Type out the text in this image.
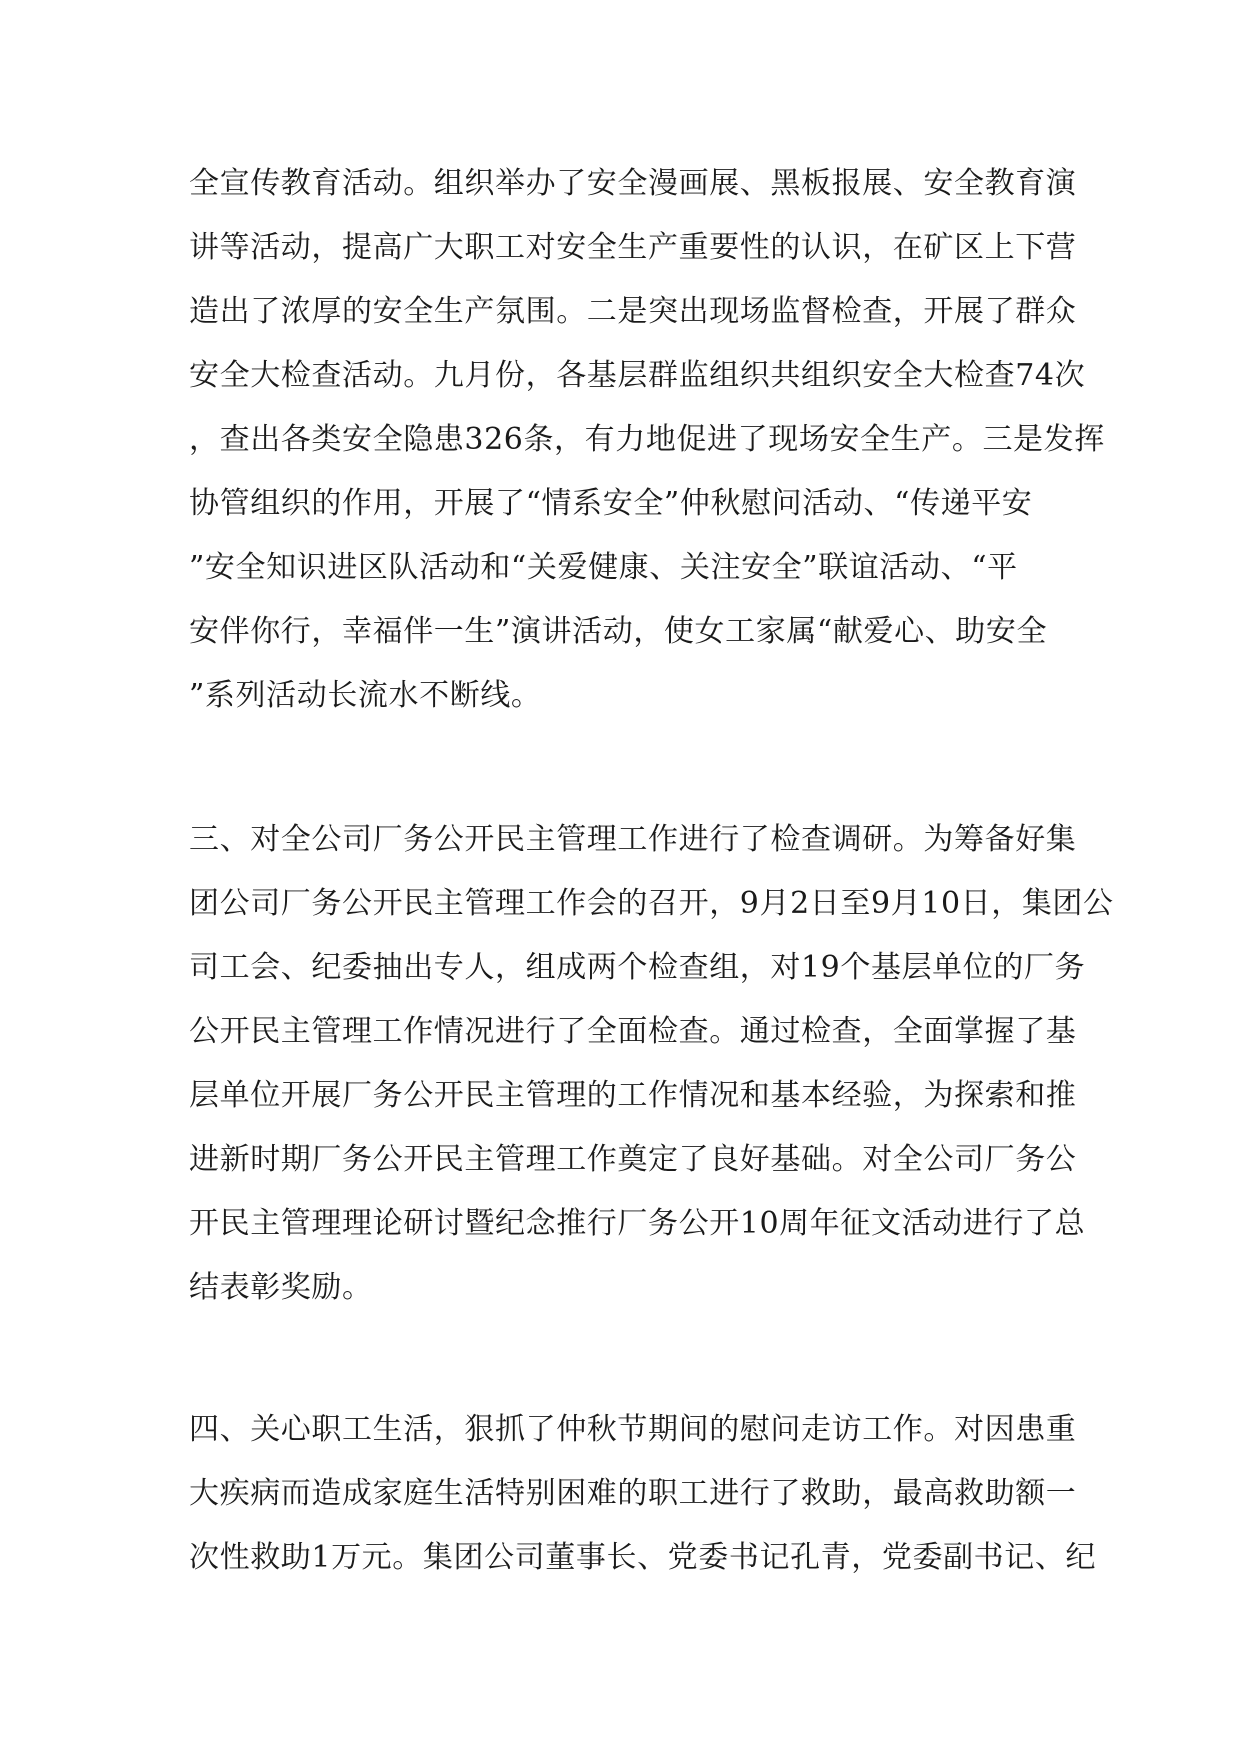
全宣传教育活动。组织举办了安全漫画展、黑板报展、安全教育演
讲等活动，提高广大职工对安全生产重要性的认识，在矿区上下营
造出了浓厚的安全生产氛围。二是突出现场监督检查，开展了群众
安全大检查活动。九月份，各基层群监组织共组织安全大检查74次
，查出各类安全隐患326条，有力地促进了现场安全生产。三是发挥
协管组织的作用，开展了“情系安全”仲秋慰问活动、“传递平安
”安全知识进区队活动和“关爱健康、关注安全”联谊活动、“平
安伴你行，幸福伴一生”演讲活动，使女工家属“献爱心、助安全
”系列活动长流水不断线。
三、对全公司厂务公开民主管理工作进行了检查调研。为筹备好集
团公司厂务公开民主管理工作会的召开，9月2日至9月10日，集团公
司工会、纪委抽出专人，组成两个检查组，对19个基层单位的厂务
公开民主管理工作情况进行了全面检查。通过检查，全面掌握了基
层单位开展厂务公开民主管理的工作情况和基本经验，为探索和推
进新时期厂务公开民主管理工作奠定了良好基础。对全公司厂务公
开民主管理理论研讨暨纪念推行厂务公开10周年征文活动进行了总
结表彰奖励。
四、关心职工生活，狠抓了仲秋节期间的慰问走访工作。对因患重
大疾病而造成家庭生活特别困难的职工进行了救助，最高救助额一
次性救助1万元。集团公司董事长、党委书记孔青，党委副书记、纪
